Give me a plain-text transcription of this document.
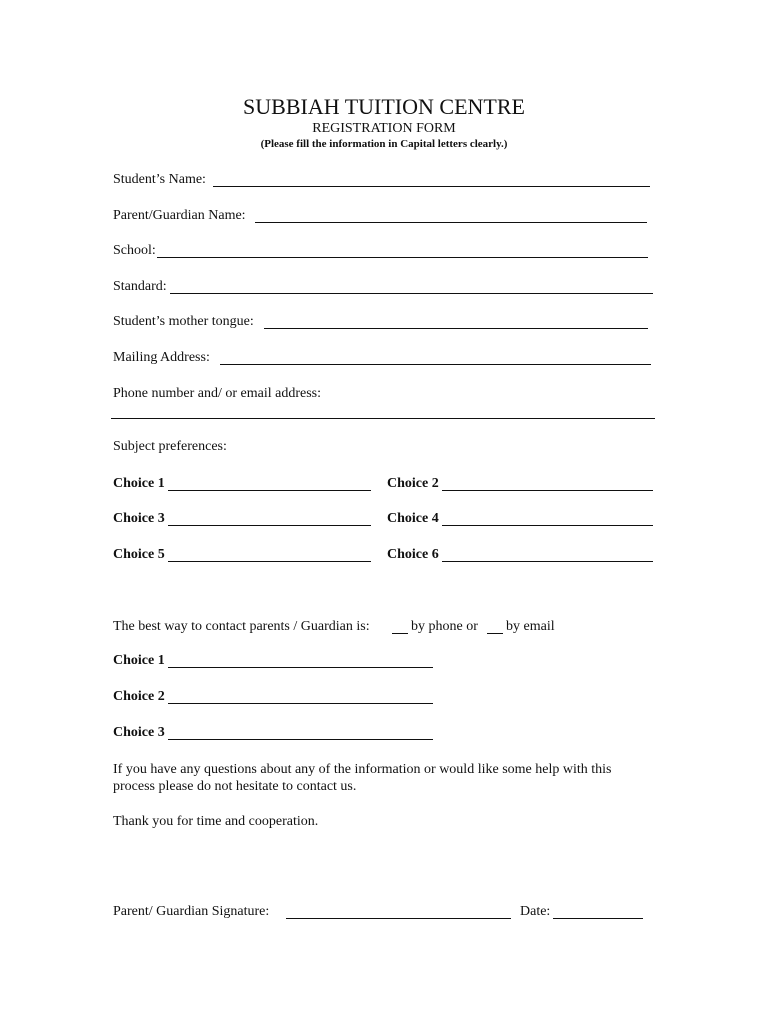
SUBBIAH TUITION CENTRE
REGISTRATION FORM
(Please fill the information in Capital letters clearly.)
Student’s Name:
Parent/Guardian Name:
School:
Standard:
Student’s mother tongue:
Mailing Address:
Phone number and/ or email address:
Subject preferences:
Choice 1	Choice 2
Choice 3	Choice 4
Choice 5	Choice 6
The best way to contact parents / Guardian is:	by phone or by email
Choice 1
Choice 2
Choice 3
If you have any questions about any of the information or would like some help with this
process please do not hesitate to contact us.
Thank you for time and cooperation.
Parent/ Guardian Signature:	Date:
